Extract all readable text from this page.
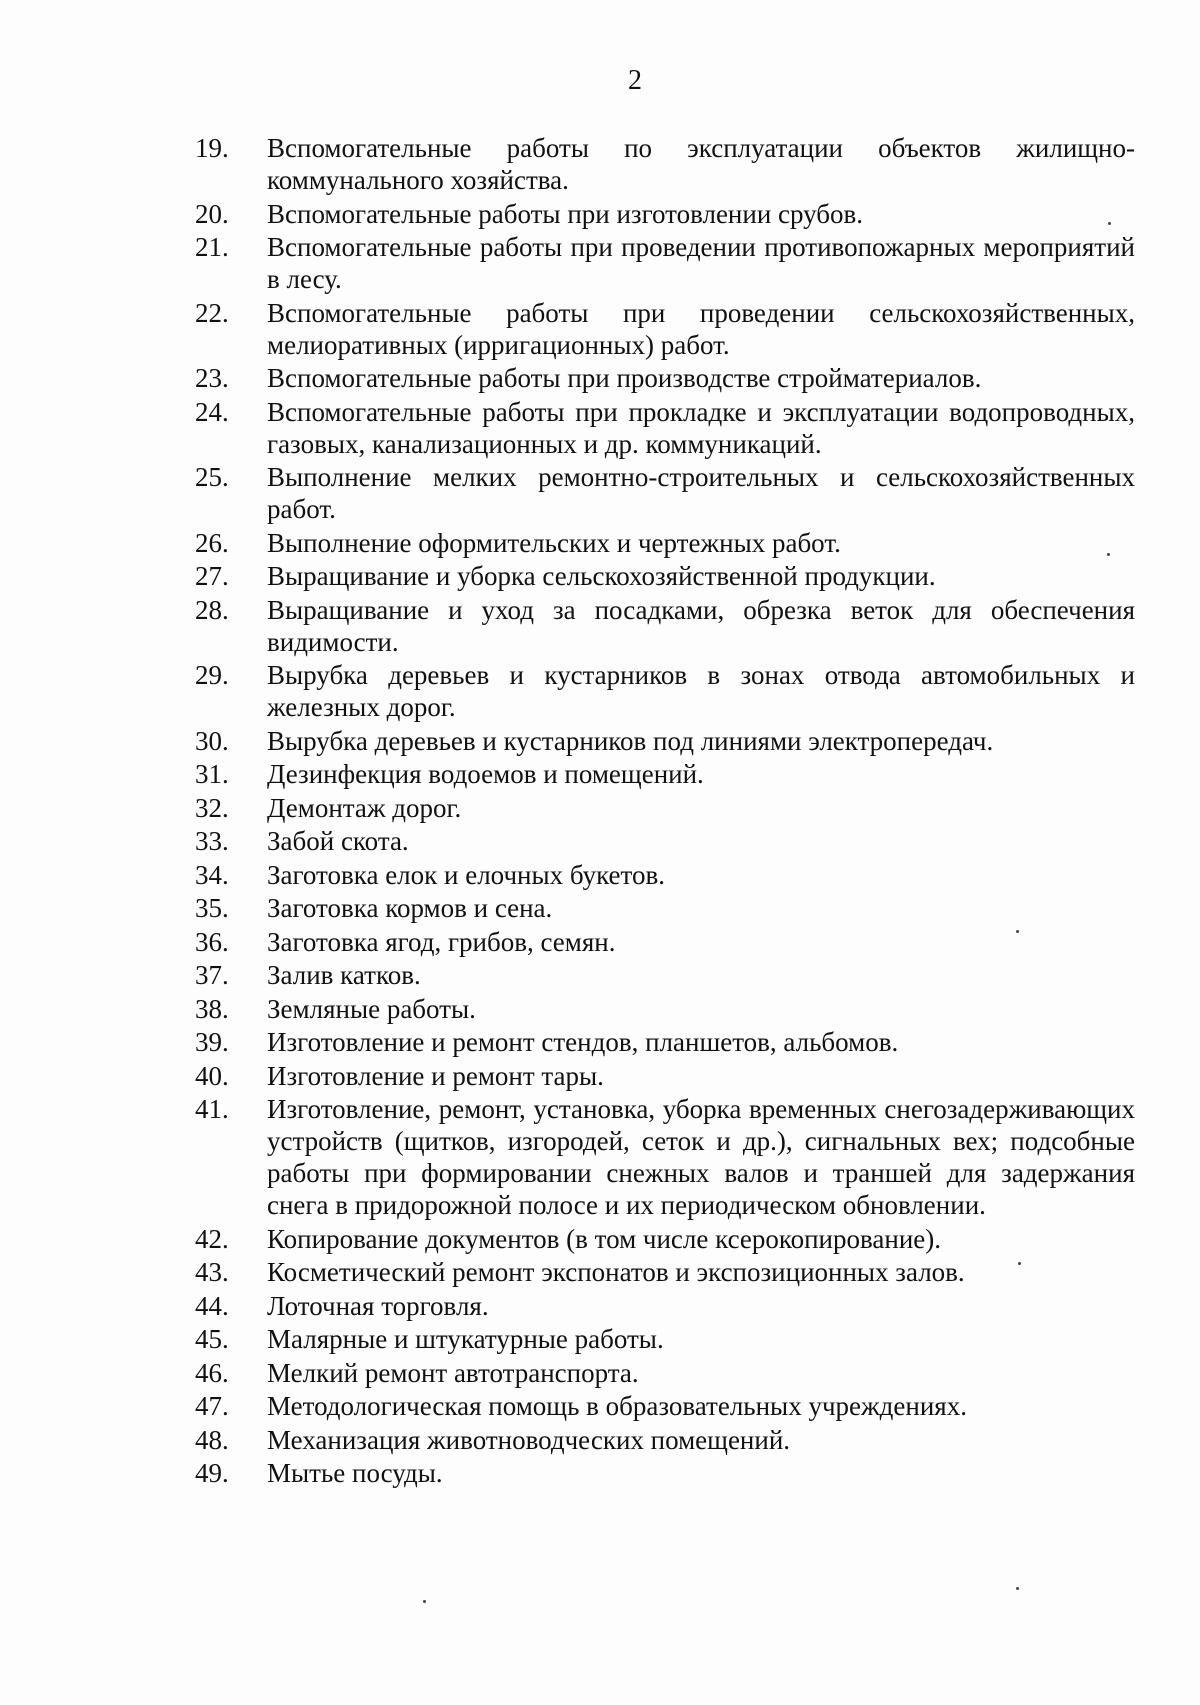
2
19.	Вспомогательные работы по эксплуатации объектов жилищно-коммунального хозяйства.
20.	Вспомогательные работы при изготовлении срубов.
21.	Вспомогательные работы при проведении противопожарных мероприятий в лесу.
22.	Вспомогательные работы при проведении сельскохозяйственных, мелиоративных (ирригационных) работ.
23.	Вспомогательные работы при производстве стройматериалов.
24.	Вспомогательные работы при прокладке и эксплуатации водопроводных, газовых, канализационных и др. коммуникаций.
25.	Выполнение мелких ремонтно-строительных и сельскохозяйственных работ.
26.	Выполнение оформительских и чертежных работ.
27.	Выращивание и уборка сельскохозяйственной продукции.
28.	Выращивание и уход за посадками, обрезка веток для обеспечения видимости.
29.	Вырубка деревьев и кустарников в зонах отвода автомобильных и железных дорог.
30.	Вырубка деревьев и кустарников под линиями электропередач.
31.	Дезинфекция водоемов и помещений.
32.	Демонтаж дорог.
33.	Забой скота.
34.	Заготовка елок и елочных букетов.
35.	Заготовка кормов и сена.
36.	Заготовка ягод, грибов, семян.
37.	Залив катков.
38.	Земляные работы.
39.	Изготовление и ремонт стендов, планшетов, альбомов.
40.	Изготовление и ремонт тары.
41.	Изготовление, ремонт, установка, уборка временных снегозадерживающих устройств (щитков, изгородей, сеток и др.), сигнальных вех; подсобные работы при формировании снежных валов и траншей для задержания снега в придорожной полосе и их периодическом обновлении.
42.	Копирование документов (в том числе ксерокопирование).
43.	Косметический ремонт экспонатов и экспозиционных залов.
44.	Лоточная торговля.
45.	Малярные и штукатурные работы.
46.	Мелкий ремонт автотранспорта.
47.	Методологическая помощь в образовательных учреждениях.
48.	Механизация животноводческих помещений.
49.	Мытье посуды.
